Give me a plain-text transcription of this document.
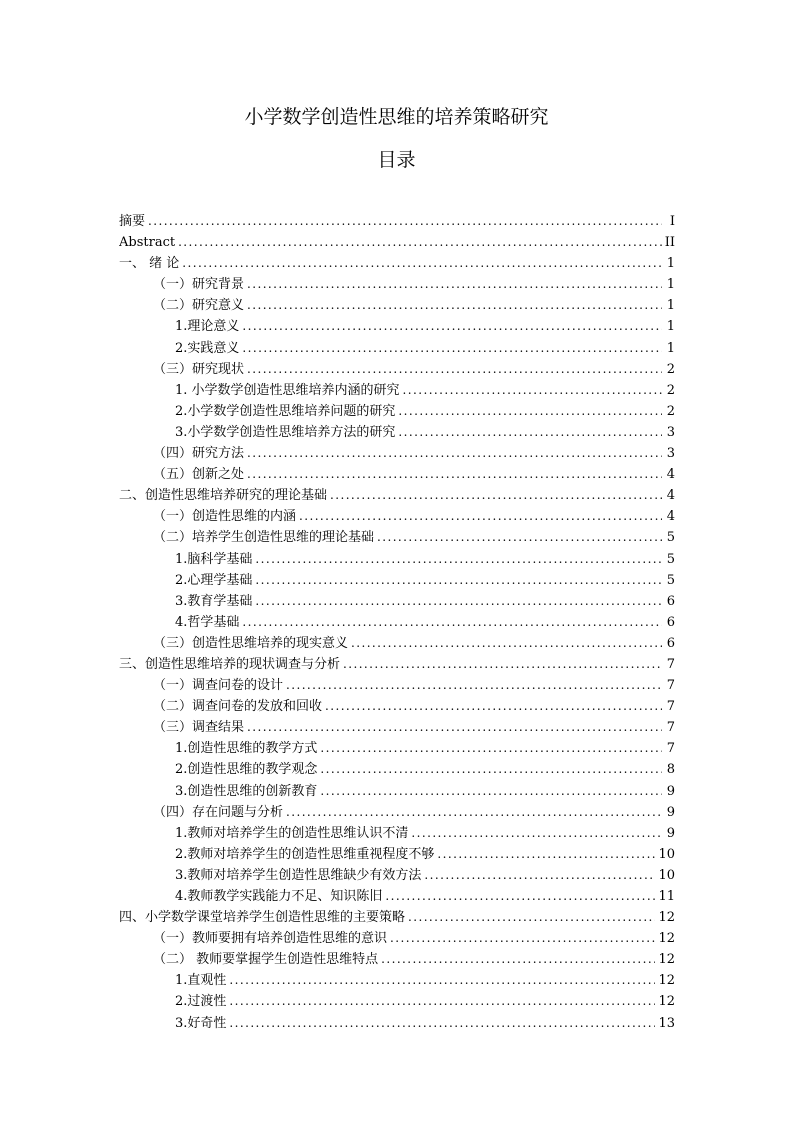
小学数学创造性思维的培养策略研究
目录
摘要 . . .	I
Abstract . . .	II
一、 绪 论 . . .	1
（一）研究背景 . . .	1
（二）研究意义 . . .	1
1.理论意义 . . .	1
2.实践意义 . . .	1
（三）研究现状 . . .	2
1. 小学数学创造性思维培养内涵的研究 . . .	2
2.小学数学创造性思维培养问题的研究 . . .	2
3.小学数学创造性思维培养方法的研究 . . .	3
（四）研究方法 . . .	3
（五）创新之处 . . .	4
二、创造性思维培养研究的理论基础 . . .	4
（一）创造性思维的内涵 . . .	4
（二）培养学生创造性思维的理论基础 . . .	5
1.脑科学基础 . . .	5
2.心理学基础 . . .	5
3.教育学基础 . . .	6
4.哲学基础 . . .	6
（三）创造性思维培养的现实意义 . . .	6
三、创造性思维培养的现状调查与分析 . . .	7
（一）调查问卷的设计 . . .	7
（二）调查问卷的发放和回收 . . .	7
（三）调查结果 . . .	7
1.创造性思维的教学方式 . . .	7
2.创造性思维的教学观念 . . .	8
3.创造性思维的创新教育 . . .	9
（四）存在问题与分析 . . .	9
1.教师对培养学生的创造性思维认识不清 . . .	9
2.教师对培养学生的创造性思维重视程度不够 . . .	10
3.教师对培养学生创造性思维缺少有效方法 . . .	10
4.教师教学实践能力不足、知识陈旧 . . .	11
四、小学数学课堂培养学生创造性思维的主要策略 . . .	12
（一）教师要拥有培养创造性思维的意识 . . .	12
（二） 教师要掌握学生创造性思维特点 . . .	12
1.直观性 . . .	12
2.过渡性 . . .	12
3.好奇性 . . .	13
